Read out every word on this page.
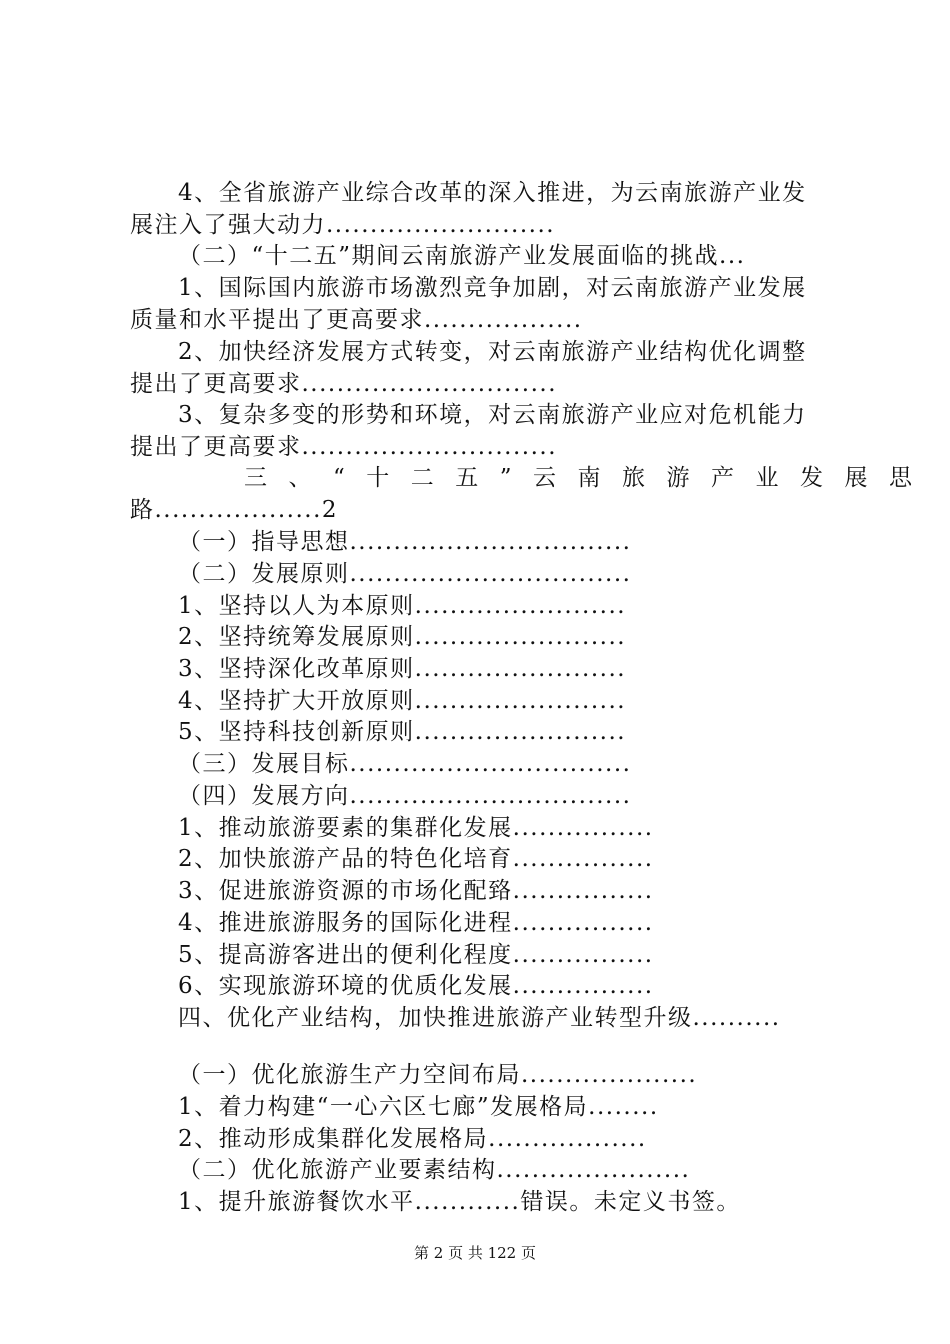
4、全省旅游产业综合改革的深入推进，为云南旅游产业发
展注入了强大动力..........................
（二）“十二五”期间云南旅游产业发展面临的挑战...
1、国际国内旅游市场激烈竞争加剧，对云南旅游产业发展
质量和水平提出了更高要求..................
2、加快经济发展方式转变，对云南旅游产业结构优化调整
提出了更高要求.............................
3、复杂多变的形势和环境，对云南旅游产业应对危机能力
提出了更高要求.............................
三、“十二五”云南旅游产业发展思
路...................2
（一）指导思想................................
（二）发展原则................................
1、坚持以人为本原则........................
2、坚持统筹发展原则........................
3、坚持深化改革原则........................
4、坚持扩大开放原则........................
5、坚持科技创新原则........................
（三）发展目标................................
（四）发展方向................................
1、推动旅游要素的集群化发展................
2、加快旅游产品的特色化培育................
3、促进旅游资源的市场化配臵................
4、推进旅游服务的国际化进程................
5、提高游客进出的便利化程度................
6、实现旅游环境的优质化发展................
四、优化产业结构，加快推进旅游产业转型升级..........
（一）优化旅游生产力空间布局....................
1、着力构建“一心六区七廊”发展格局........
2、推动形成集群化发展格局..................
（二）优化旅游产业要素结构......................
1、提升旅游餐饮水平............错误。未定义书签。
第 2 页 共 122 页
